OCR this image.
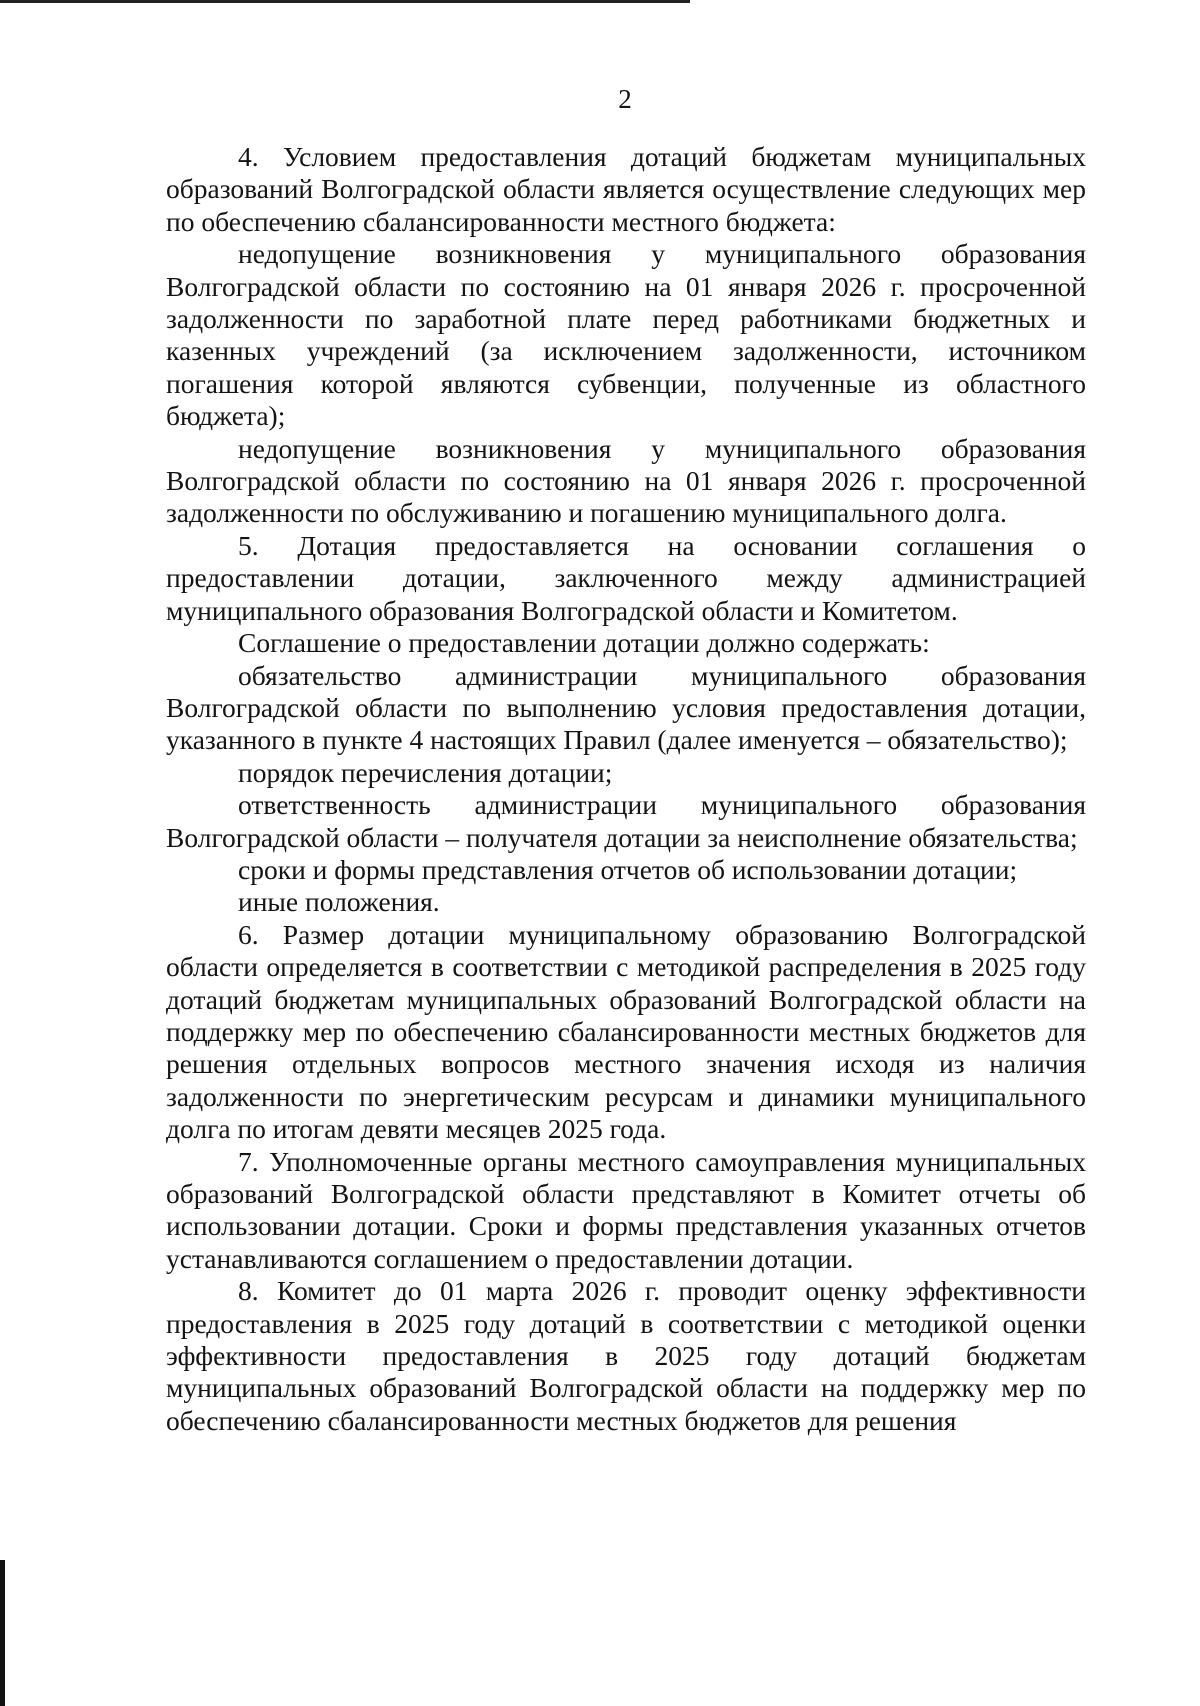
2

4. Условием предоставления дотаций бюджетам муниципальных образований Волгоградской области является осуществление следующих мер по обеспечению сбалансированности местного бюджета:

недопущение возникновения у муниципального образования Волгоградской области по состоянию на 01 января 2026 г. просроченной задолженности по заработной плате перед работниками бюджетных и казенных учреждений (за исключением задолженности, источником погашения которой являются субвенции, полученные из областного бюджета);

недопущение возникновения у муниципального образования Волгоградской области по состоянию на 01 января 2026 г. просроченной задолженности по обслуживанию и погашению муниципального долга.

5. Дотация предоставляется на основании соглашения о предоставлении дотации, заключенного между администрацией муниципального образования Волгоградской области и Комитетом.

Соглашение о предоставлении дотации должно содержать:

обязательство администрации муниципального образования Волгоградской области по выполнению условия предоставления дотации, указанного в пункте 4 настоящих Правил (далее именуется – обязательство);

порядок перечисления дотации;

ответственность администрации муниципального образования Волгоградской области – получателя дотации за неисполнение обязательства;

сроки и формы представления отчетов об использовании дотации;

иные положения.

6. Размер дотации муниципальному образованию Волгоградской области определяется в соответствии с методикой распределения в 2025 году дотаций бюджетам муниципальных образований Волгоградской области на поддержку мер по обеспечению сбалансированности местных бюджетов для решения отдельных вопросов местного значения исходя из наличия задолженности по энергетическим ресурсам и динамики муниципального долга по итогам девяти месяцев 2025 года.

7. Уполномоченные органы местного самоуправления муниципальных образований Волгоградской области представляют в Комитет отчеты об использовании дотации. Сроки и формы представления указанных отчетов устанавливаются соглашением о предоставлении дотации.

8. Комитет до 01 марта 2026 г. проводит оценку эффективности предоставления в 2025 году дотаций в соответствии с методикой оценки эффективности предоставления в 2025 году дотаций бюджетам муниципальных образований Волгоградской области на поддержку мер по обеспечению сбалансированности местных бюджетов для решения
